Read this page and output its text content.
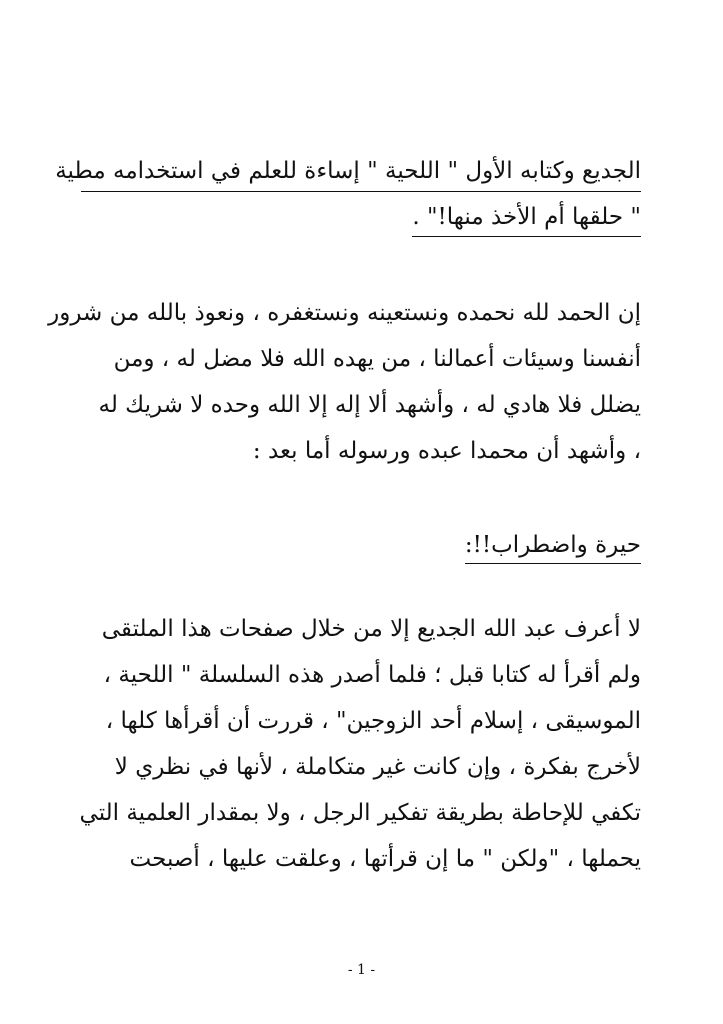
الجديع وكتابه الأول " اللحية " إساءة للعلم في استخدامه مطية
" حلقها أم الأخذ منها!" .
إن الحمد لله نحمده ونستعينه ونستغفره ، ونعوذ بالله من شرور
أنفسنا وسيئات أعمالنا ، من يهده الله فلا مضل له ، ومن
يضلل فلا هادي له ، وأشهد ألا إله إلا الله وحده لا شريك له
، وأشهد أن محمدا عبده ورسوله أما بعد :
حيرة واضطراب!!:
لا أعرف عبد الله الجديع إلا من خلال صفحات هذا الملتقى
ولم أقرأ له كتابا قبل ؛ فلما أصدر هذه السلسلة " اللحية ،
الموسيقى ، إسلام أحد الزوجين" ، قررت أن أقرأها كلها ،
لأخرج بفكرة ، وإن كانت غير متكاملة ، لأنها في نظري لا
تكفي للإحاطة بطريقة تفكير الرجل ، ولا بمقدار العلمية التي
يحملها ، "ولكن " ما إن قرأتها ، وعلقت عليها ، أصبحت
- 1 -
